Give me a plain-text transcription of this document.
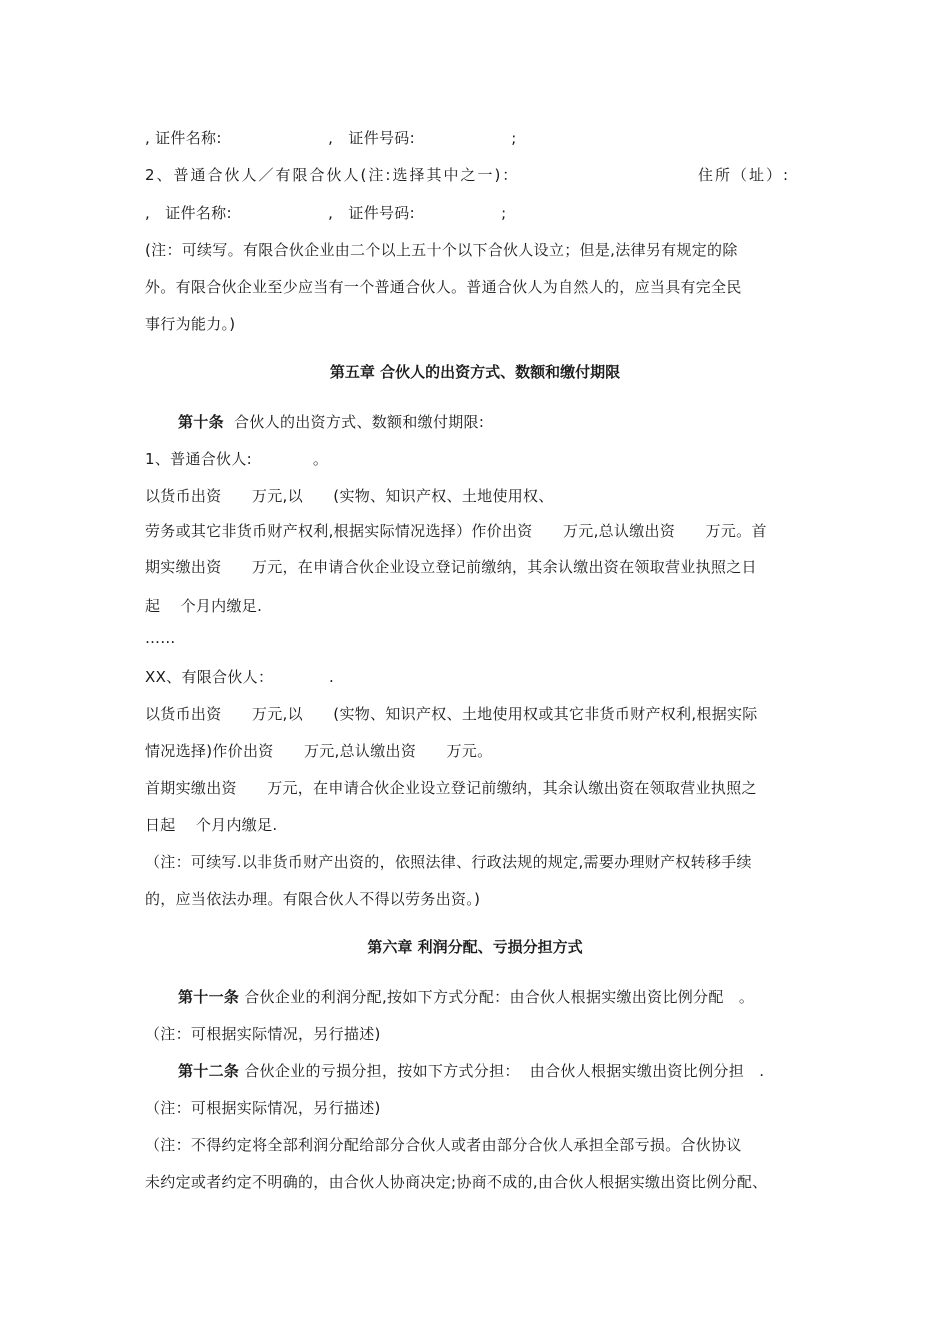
, 证件名称:                     ,   证件号码:                   ;
2、普通合伙人／有限合伙人(注:选择其中之一)：	住所（址）:
,   证件名称:                   ,   证件号码:                 ;
(注：可续写。有限合伙企业由二个以上五十个以下合伙人设立；但是,法律另有规定的除
外。有限合伙企业至少应当有一个普通合伙人。普通合伙人为自然人的，应当具有完全民
事行为能力。)
第五章 合伙人的出资方式、数额和缴付期限
第十条  合伙人的出资方式、数额和缴付期限:
1、普通合伙人:            。
以货币出资      万元,以      (实物、知识产权、土地使用权、
劳务或其它非货币财产权利,根据实际情况选择）作价出资      万元,总认缴出资      万元。首
期实缴出资      万元，在申请合伙企业设立登记前缴纳，其余认缴出资在领取营业执照之日
起    个月内缴足.
……
XX、有限合伙人：           .
以货币出资      万元,以      (实物、知识产权、土地使用权或其它非货币财产权利,根据实际
情况选择)作价出资      万元,总认缴出资      万元。
首期实缴出资      万元，在申请合伙企业设立登记前缴纳，其余认缴出资在领取营业执照之
日起    个月内缴足.
（注：可续写.以非货币财产出资的，依照法律、行政法规的规定,需要办理财产权转移手续
的，应当依法办理。有限合伙人不得以劳务出资。)
第六章 利润分配、亏损分担方式
第十一条 合伙企业的利润分配,按如下方式分配：由合伙人根据实缴出资比例分配   。
（注：可根据实际情况，另行描述)
第十二条 合伙企业的亏损分担，按如下方式分担：  由合伙人根据实缴出资比例分担   .
（注：可根据实际情况，另行描述)
（注：不得约定将全部利润分配给部分合伙人或者由部分合伙人承担全部亏损。合伙协议
未约定或者约定不明确的，由合伙人协商决定;协商不成的,由合伙人根据实缴出资比例分配、
